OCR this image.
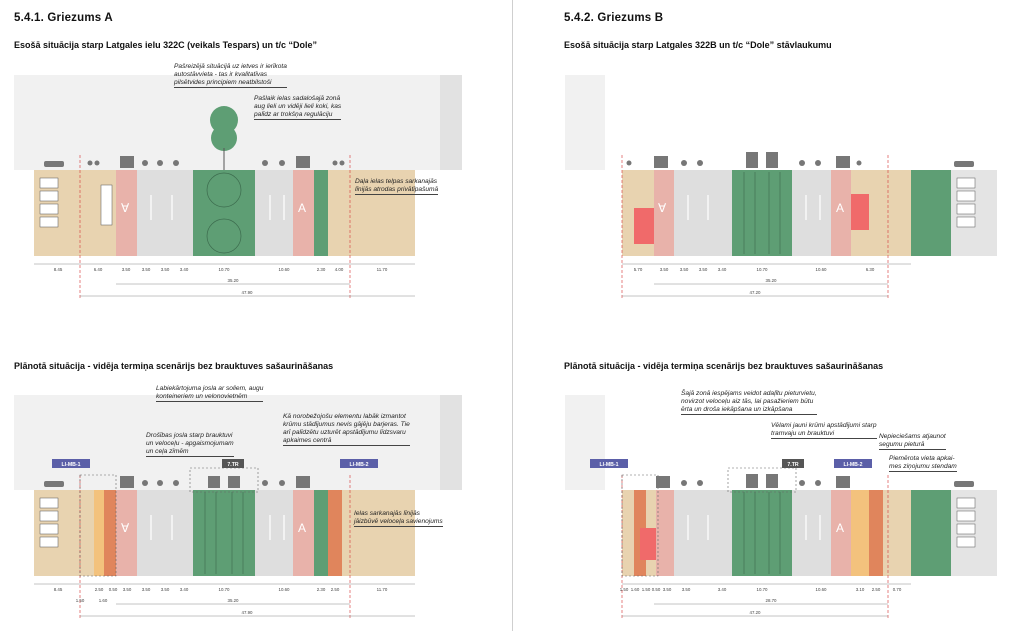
5.4.1. Griezums A
Esošā situācija starp Latgales ielu 322C (veikals Tespars) un t/c “Dole”
Plānotā situācija - vidēja termiņa scenārijs bez brauktuves sašaurināšanas
∀	A
8.45	6.40	3.50	3.50 3.50 3.40	10.70	10.60	2.30 4.00	11.70
35.20
47.90
Pašreizējā situācijā uz ietves ir ierīkota
autostāvvieta - tas ir kvalitatīvas
pilsētvides principiem neatbilstoši
Pašlaik ielas sadalošajā zonā
aug lieli un vidēji lieli koki, kas
palīdz ar trokšņa regulāciju
Daļa ielas telpas sarkanajās
līnijās atrodas privātīpašumā
∀	A
LI-MB-1	7.TR	LI-MB-2
8.45	2.50 0.50 3.50 3.50 3.50 3.40	10.70	10.60	2.30 2.50	11.70
1.50	1.60	35.20
47.90
Labiekārtojuma josla ar soliem, augu
konteineriem un velonovietnēm
Drošības josla starp brauktuvi
un veloceļu - apgaismojumam
un ceļa zīmēm
Kā norobežojošu elementu labāk izmantot
krūmu stādījumus nevis gājēju barjeras. Tie
arī palīdzētu uzturēt apstādījumu līdzsvaru
apkaimes centrā
Ielas sarkanajās līnijās
jāizbūvē veloceļa savienojums
5.4.2. Griezums B
Esošā situācija starp Latgales 322B un t/c “Dole” stāvlaukumu
Plānotā situācija - vidēja termiņa scenārijs bez brauktuves sašaurināšanas
∀	A
5.70	3.50	3.50 3.50 3.40	10.70	10.60	6.30
35.20
47.20
A
LI-MB-1	7.TR	LI-MB-2
1.50 1.60 1.50 0.50 3.50 3.50	3.40	10.70	10.60	3.10 2.50	0.70
28.70
47.20
Šajā zonā iespējams veidot adaļītu pieturvietu,
novirzot veloceļu aiz tās, lai pasažieriem būtu
ērta un droša iekāpšana un izkāpšana
Vēlami jauni krūmi apstādījumi starp
tramvaju un brauktuvi	Nepieciešams atjaunot
segumu pieturā
Piemērota vieta apkai-
mes ziņojumu stendam
